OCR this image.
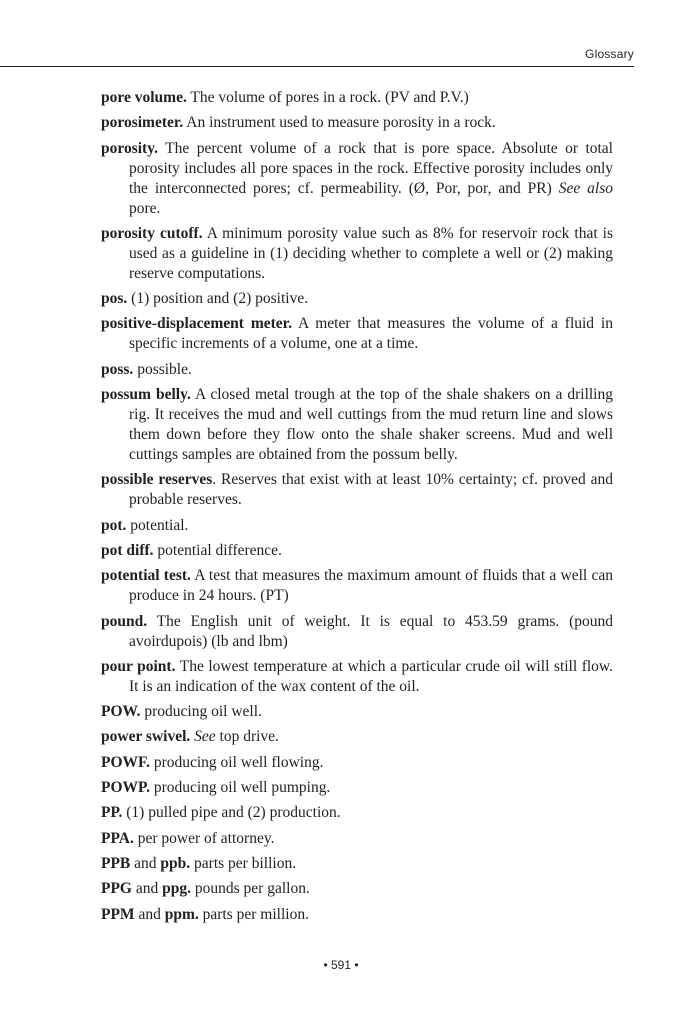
Glossary

pore volume. The volume of pores in a rock. (PV and P.V.)

porosimeter. An instrument used to measure porosity in a rock.

porosity. The percent volume of a rock that is pore space. Absolute or total porosity includes all pore spaces in the rock. Effective porosity includes only the interconnected pores; cf. permeability. (Ø, Por, por, and PR) See also pore.

porosity cutoff. A minimum porosity value such as 8% for reservoir rock that is used as a guideline in (1) deciding whether to complete a well or (2) making reserve computations.

pos. (1) position and (2) positive.

positive-displacement meter. A meter that measures the volume of a fluid in specific increments of a volume, one at a time.

poss. possible.

possum belly. A closed metal trough at the top of the shale shakers on a drilling rig. It receives the mud and well cuttings from the mud return line and slows them down before they flow onto the shale shaker screens. Mud and well cuttings samples are obtained from the possum belly.

possible reserves. Reserves that exist with at least 10% certainty; cf. proved and probable reserves.

pot. potential.

pot diff. potential difference.

potential test. A test that measures the maximum amount of fluids that a well can produce in 24 hours. (PT)

pound. The English unit of weight. It is equal to 453.59 grams. (pound avoirdupois) (lb and lbm)

pour point. The lowest temperature at which a particular crude oil will still flow. It is an indication of the wax content of the oil.

POW. producing oil well.

power swivel. See top drive.

POWF. producing oil well flowing.

POWP. producing oil well pumping.

PP. (1) pulled pipe and (2) production.

PPA. per power of attorney.

PPB and ppb. parts per billion.

PPG and ppg. pounds per gallon.

PPM and ppm. parts per million.

• 591 •
